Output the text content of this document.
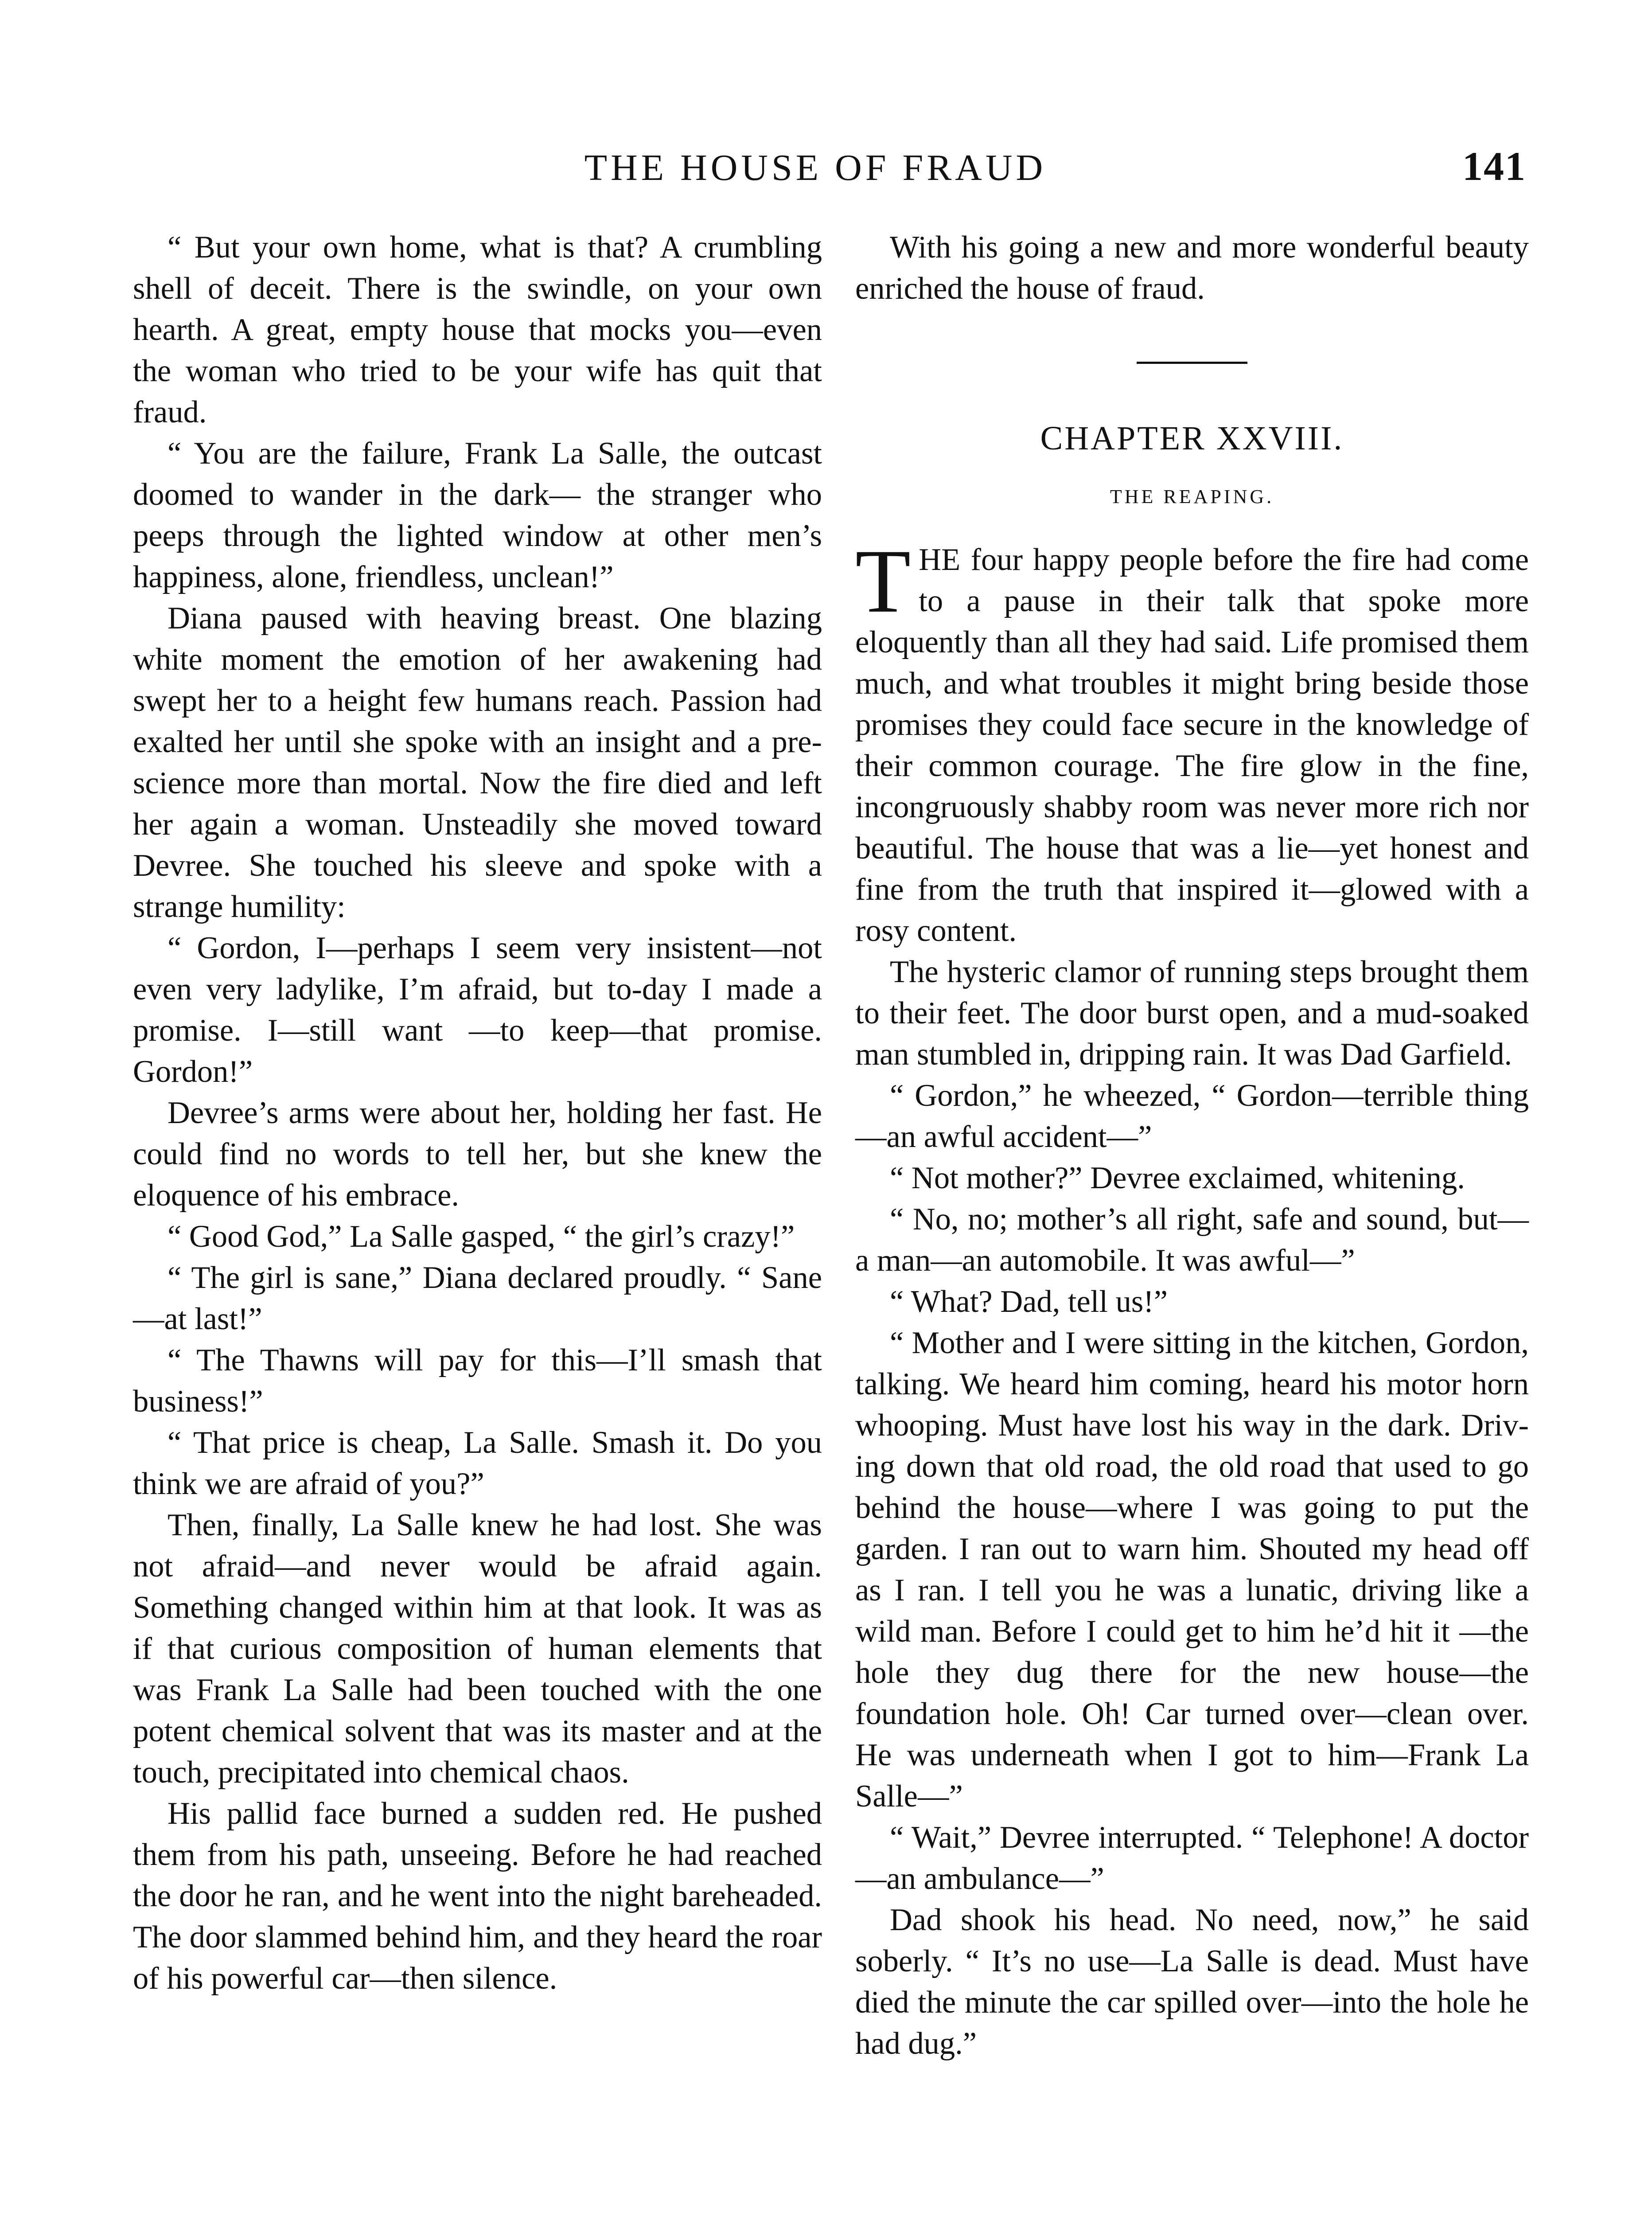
THE HOUSE OF FRAUD	141

“ But your own home, what is that? A crumbling shell of deceit. There is the swindle, on your own hearth. A great, empty house that mocks you—even the woman who tried to be your wife has quit that fraud.

“ You are the failure, Frank La Salle, the outcast doomed to wander in the dark— the stranger who peeps through the lighted window at other men’s happiness, alone, friendless, unclean!”

Diana paused with heaving breast. One blazing white moment the emotion of her awakening had swept her to a height few humans reach. Passion had exalted her until she spoke with an insight and a prescience more than mortal. Now the fire died and left her again a woman. Unsteadily she moved toward Devree. She touched his sleeve and spoke with a strange humility:

“ Gordon, I—perhaps I seem very insistent—not even very ladylike, I’m afraid, but to-day I made a promise. I—still want —to keep—that promise. Gordon!”

Devree’s arms were about her, holding her fast. He could find no words to tell her, but she knew the eloquence of his embrace.

“ Good God,” La Salle gasped, “ the girl’s crazy!”

“ The girl is sane,” Diana declared proudly. “ Sane—at last!”

“ The Thawns will pay for this—I’ll smash that business!”

“ That price is cheap, La Salle. Smash it. Do you think we are afraid of you?”

Then, finally, La Salle knew he had lost. She was not afraid—and never would be afraid again. Something changed within him at that look. It was as if that curious composition of human elements that was Frank La Salle had been touched with the one potent chemical solvent that was its master and at the touch, precipitated into chemical chaos.

His pallid face burned a sudden red. He pushed them from his path, unseeing. Before he had reached the door he ran, and he went into the night bareheaded. The door slammed behind him, and they heard the roar of his powerful car—then silence.

With his going a new and more wonderful beauty enriched the house of fraud.

CHAPTER XXVIII.

THE REAPING.

THE four happy people before the fire had come to a pause in their talk that spoke more eloquently than all they had said. Life promised them much, and what troubles it might bring beside those promises they could face secure in the knowledge of their common courage. The fire glow in the fine, incongruously shabby room was never more rich nor beautiful. The house that was a lie—yet honest and fine from the truth that inspired it—glowed with a rosy content.

The hysteric clamor of running steps brought them to their feet. The door burst open, and a mud-soaked man stumbled in, dripping rain. It was Dad Garfield.

“ Gordon,” he wheezed, “ Gordon—terrible thing—an awful accident—”

“ Not mother?” Devree exclaimed, whitening.

“ No, no; mother’s all right, safe and sound, but—a man—an automobile. It was awful—”

“ What? Dad, tell us!”

“ Mother and I were sitting in the kitchen, Gordon, talking. We heard him coming, heard his motor horn whooping. Must have lost his way in the dark. Driving down that old road, the old road that used to go behind the house—where I was going to put the garden. I ran out to warn him. Shouted my head off as I ran. I tell you he was a lunatic, driving like a wild man. Before I could get to him he’d hit it —the hole they dug there for the new house—the foundation hole. Oh! Car turned over—clean over. He was underneath when I got to him—Frank La Salle—”

“ Wait,” Devree interrupted. “ Telephone! A doctor—an ambulance—”

Dad shook his head. No need, now,” he said soberly. “ It’s no use—La Salle is dead. Must have died the minute the car spilled over—into the hole he had dug.”
